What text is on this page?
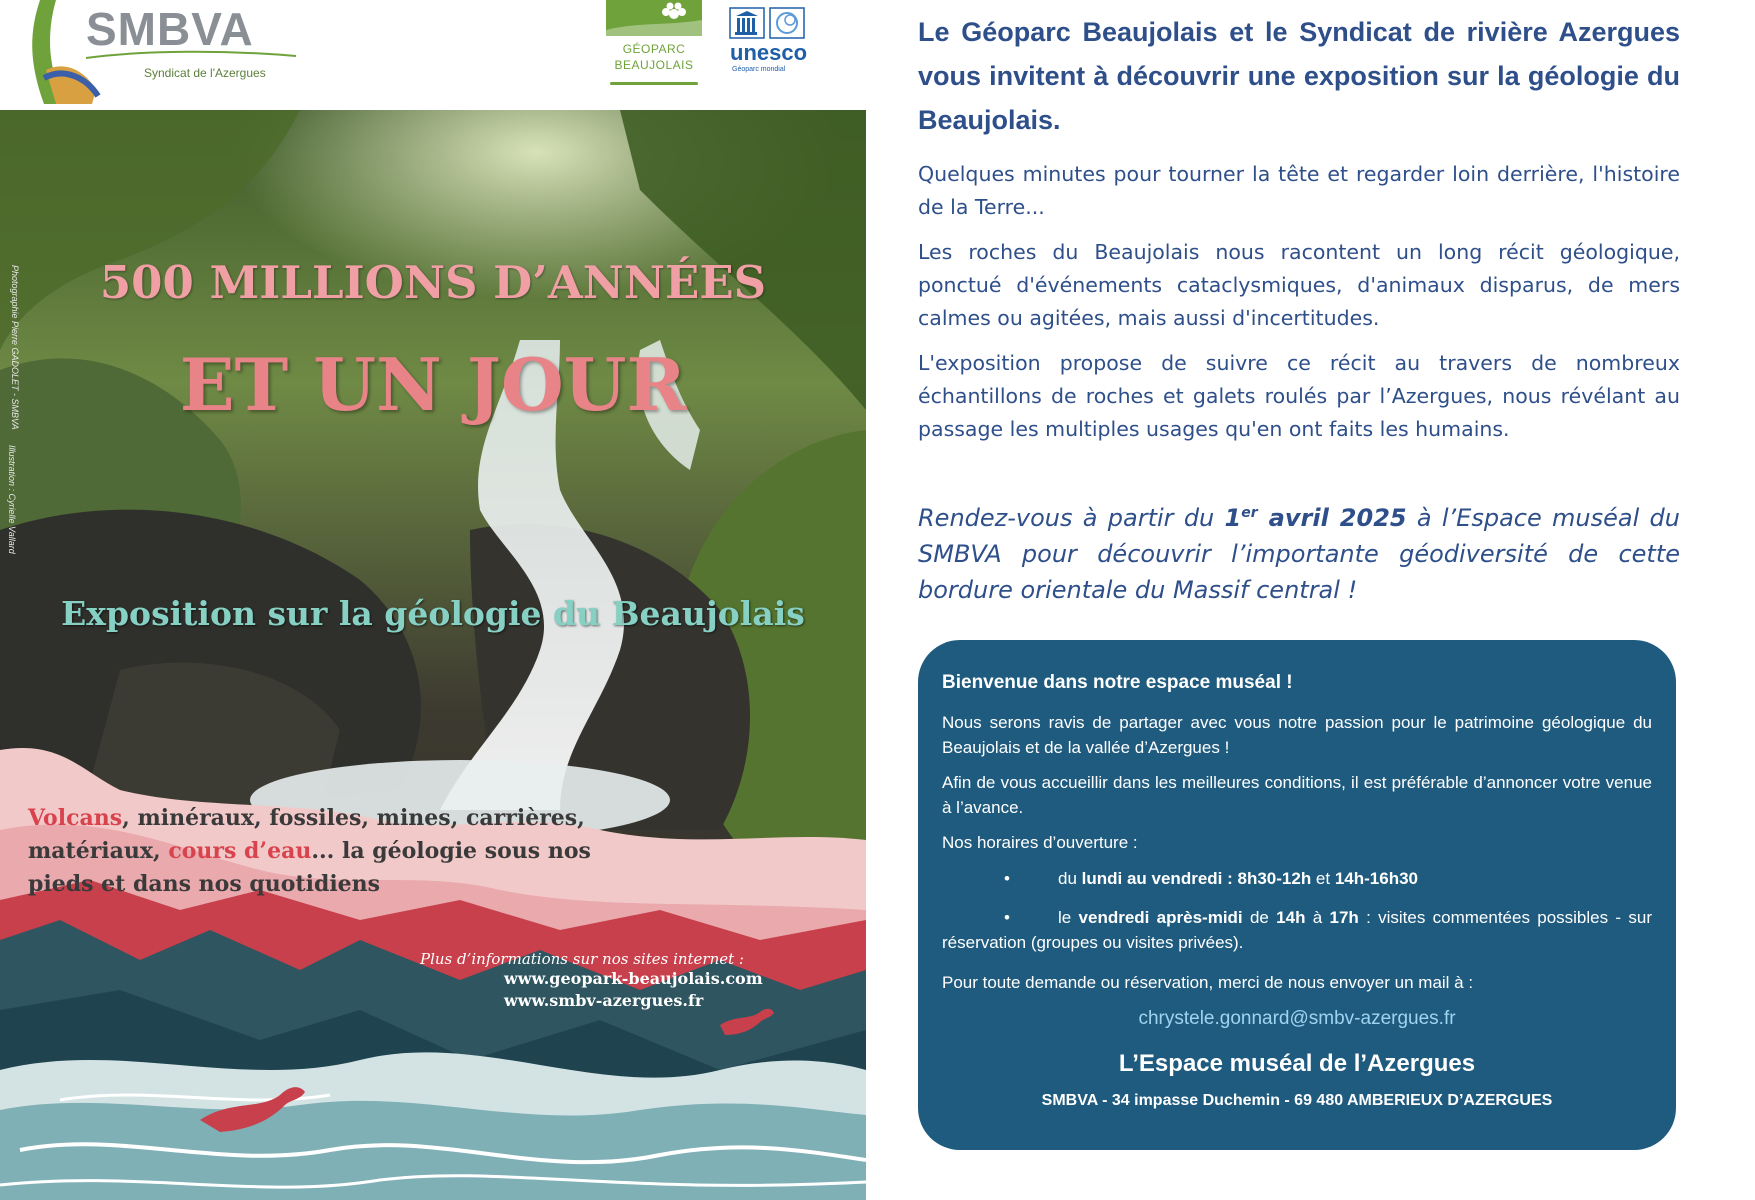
SMBVA
Syndicat de l'Azergues
GÉOPARC
BEAUJOLAIS	unesco
Géoparc mondial
Photographie Pierre GADOLET - SMBVA
Illustration : Cyrielle Vallard
500 MILLIONS D’ANNÉES
ET UN JOUR
Exposition sur la géologie du Beaujolais
Volcans, minéraux, fossiles, mines, carrières,
matériaux, cours d’eau... la géologie sous nos
pieds et dans nos quotidiens
Plus d’informations sur nos sites internet :
www.geopark-beaujolais.com
www.smbv-azergues.fr
Le Géoparc Beaujolais et le Syndicat de rivière Azergues vous invitent à découvrir une exposition sur la géologie du Beaujolais.
Quelques minutes pour tourner la tête et regarder loin derrière, l'histoire de la Terre...
Les roches du Beaujolais nous racontent un long récit géologique, ponctué d'événements cataclysmiques, d'animaux disparus, de mers calmes ou agitées, mais aussi d'incertitudes.
L'exposition propose de suivre ce récit au travers de nombreux échantillons de roches et galets roulés par l’Azergues, nous révélant au passage les multiples usages qu'en ont faits les humains.
Rendez-vous à partir du 1er avril 2025 à l’Espace muséal du SMBVA pour découvrir l’importante géodiversité de cette bordure orientale du Massif central !
Bienvenue dans notre espace muséal !
Nous serons ravis de partager avec vous notre passion pour le patrimoine géologique du Beaujolais et de la vallée d’Azergues !
Afin de vous accueillir dans les meilleures conditions, il est préférable d’annoncer votre venue à l’avance.
Nos horaires d’ouverture :
•	du lundi au vendredi : 8h30-12h et 14h-16h30
•	le vendredi après-midi de 14h à 17h : visites commentées possibles - sur réservation (groupes ou visites privées).
Pour toute demande ou réservation, merci de nous envoyer un mail à :
chrystele.gonnard@smbv-azergues.fr
L’Espace muséal de l’Azergues
SMBVA - 34 impasse Duchemin - 69 480 AMBERIEUX D’AZERGUES
